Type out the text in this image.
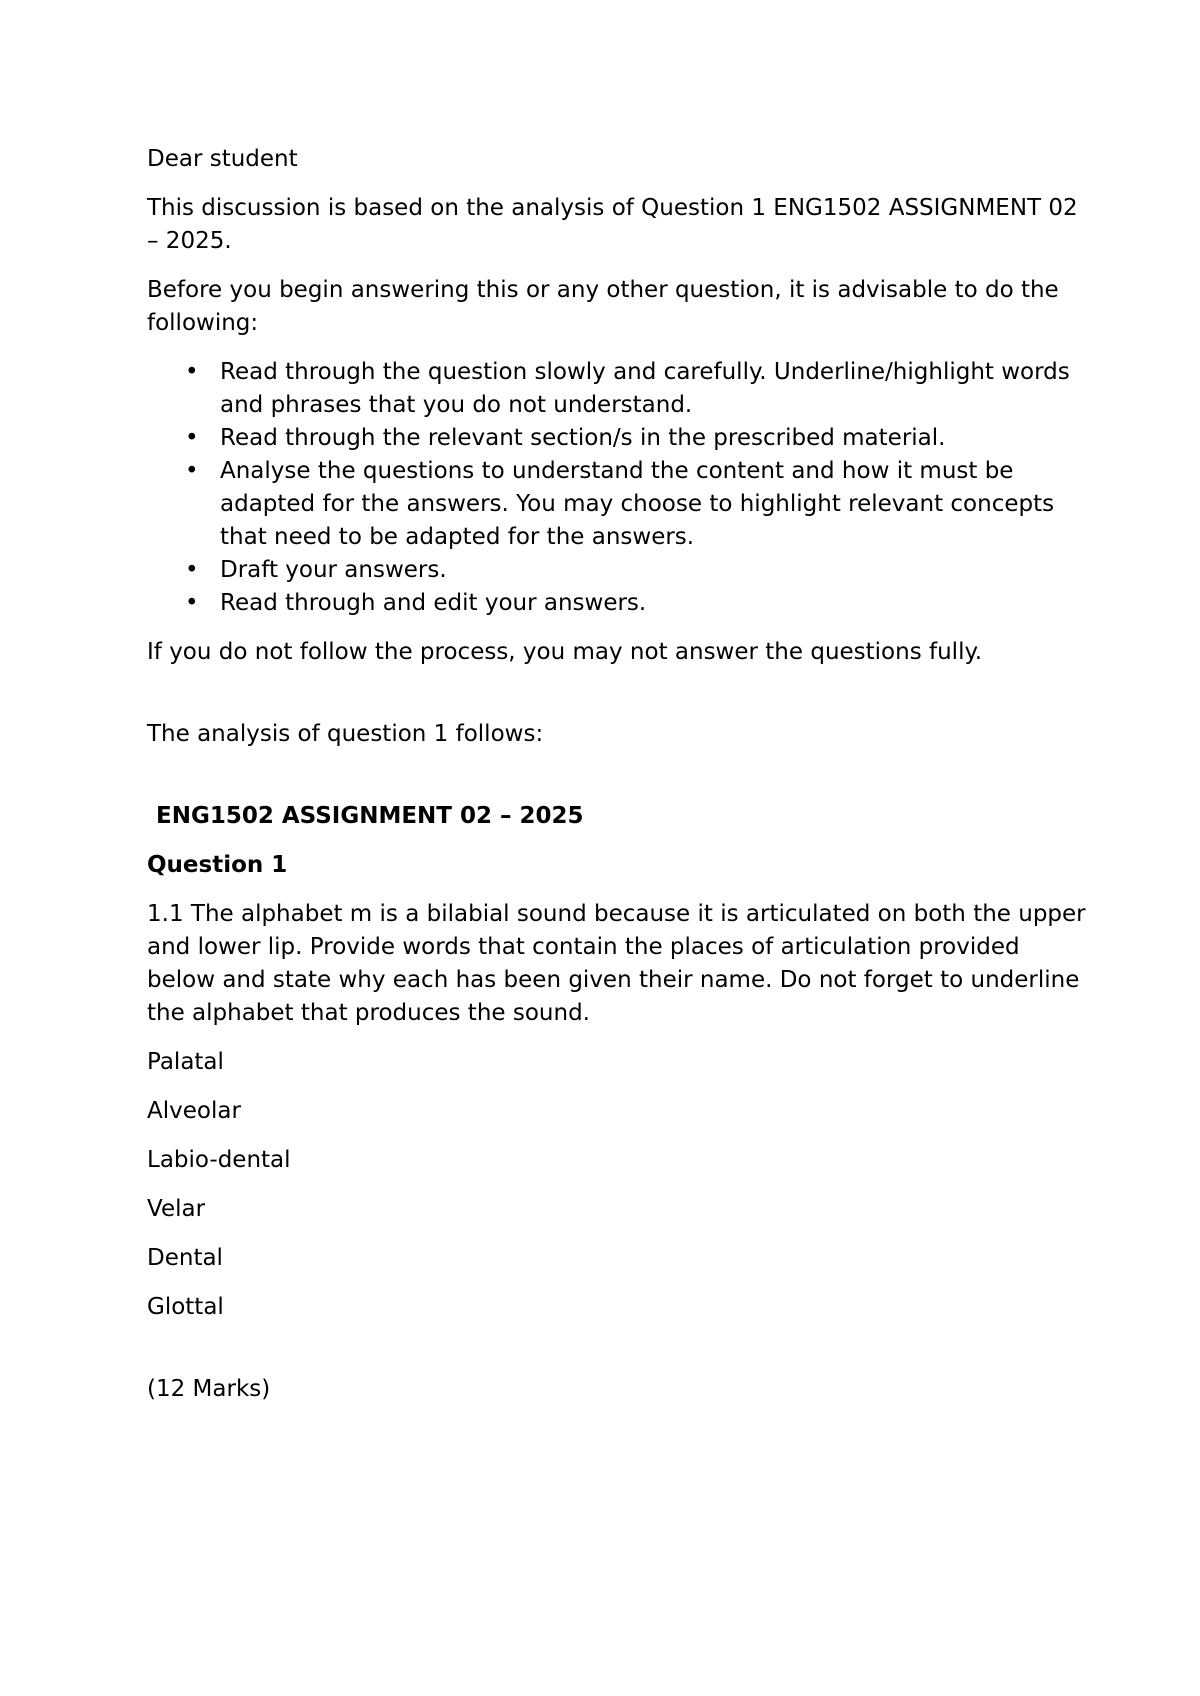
Dear student

This discussion is based on the analysis of Question 1 ENG1502 ASSIGNMENT 02 – 2025.

Before you begin answering this or any other question, it is advisable to do the following:

• Read through the question slowly and carefully. Underline/highlight words and phrases that you do not understand.
• Read through the relevant section/s in the prescribed material.
• Analyse the questions to understand the content and how it must be adapted for the answers. You may choose to highlight relevant concepts that need to be adapted for the answers.
• Draft your answers.
• Read through and edit your answers.

If you do not follow the process, you may not answer the questions fully.

The analysis of question 1 follows:

ENG1502 ASSIGNMENT 02 – 2025

Question 1

1.1 The alphabet m is a bilabial sound because it is articulated on both the upper and lower lip. Provide words that contain the places of articulation provided below and state why each has been given their name. Do not forget to underline the alphabet that produces the sound.

Palatal

Alveolar

Labio-dental

Velar

Dental

Glottal

(12 Marks)
